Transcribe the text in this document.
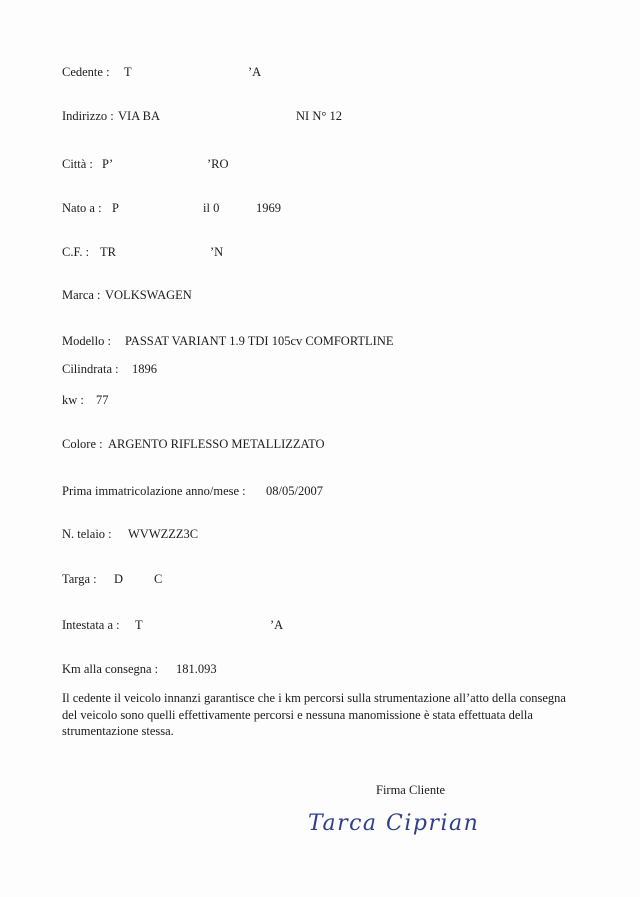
Cedente : T	’A
Indirizzo : VIA BA	NI N° 12
Città : P’	’RO
Nato a : P	il 0	1969
C.F. : TR	’N
Marca : VOLKSWAGEN
Modello : PASSAT VARIANT 1.9 TDI 105cv COMFORTLINE
Cilindrata : 1896
kw : 77
Colore : ARGENTO RIFLESSO METALLIZZATO
Prima immatricolazione anno/mese : 08/05/2007
N. telaio : WVWZZZ3C
Targa : D C
Intestata a : T	’A
Km alla consegna : 181.093
Il cedente il veicolo innanzi garantisce che i km percorsi sulla strumentazione all’atto della consegna del veicolo sono quelli effettivamente percorsi e nessuna manomissione è stata effettuata della strumentazione stessa.
Firma Cliente
Tarca Ciprian
